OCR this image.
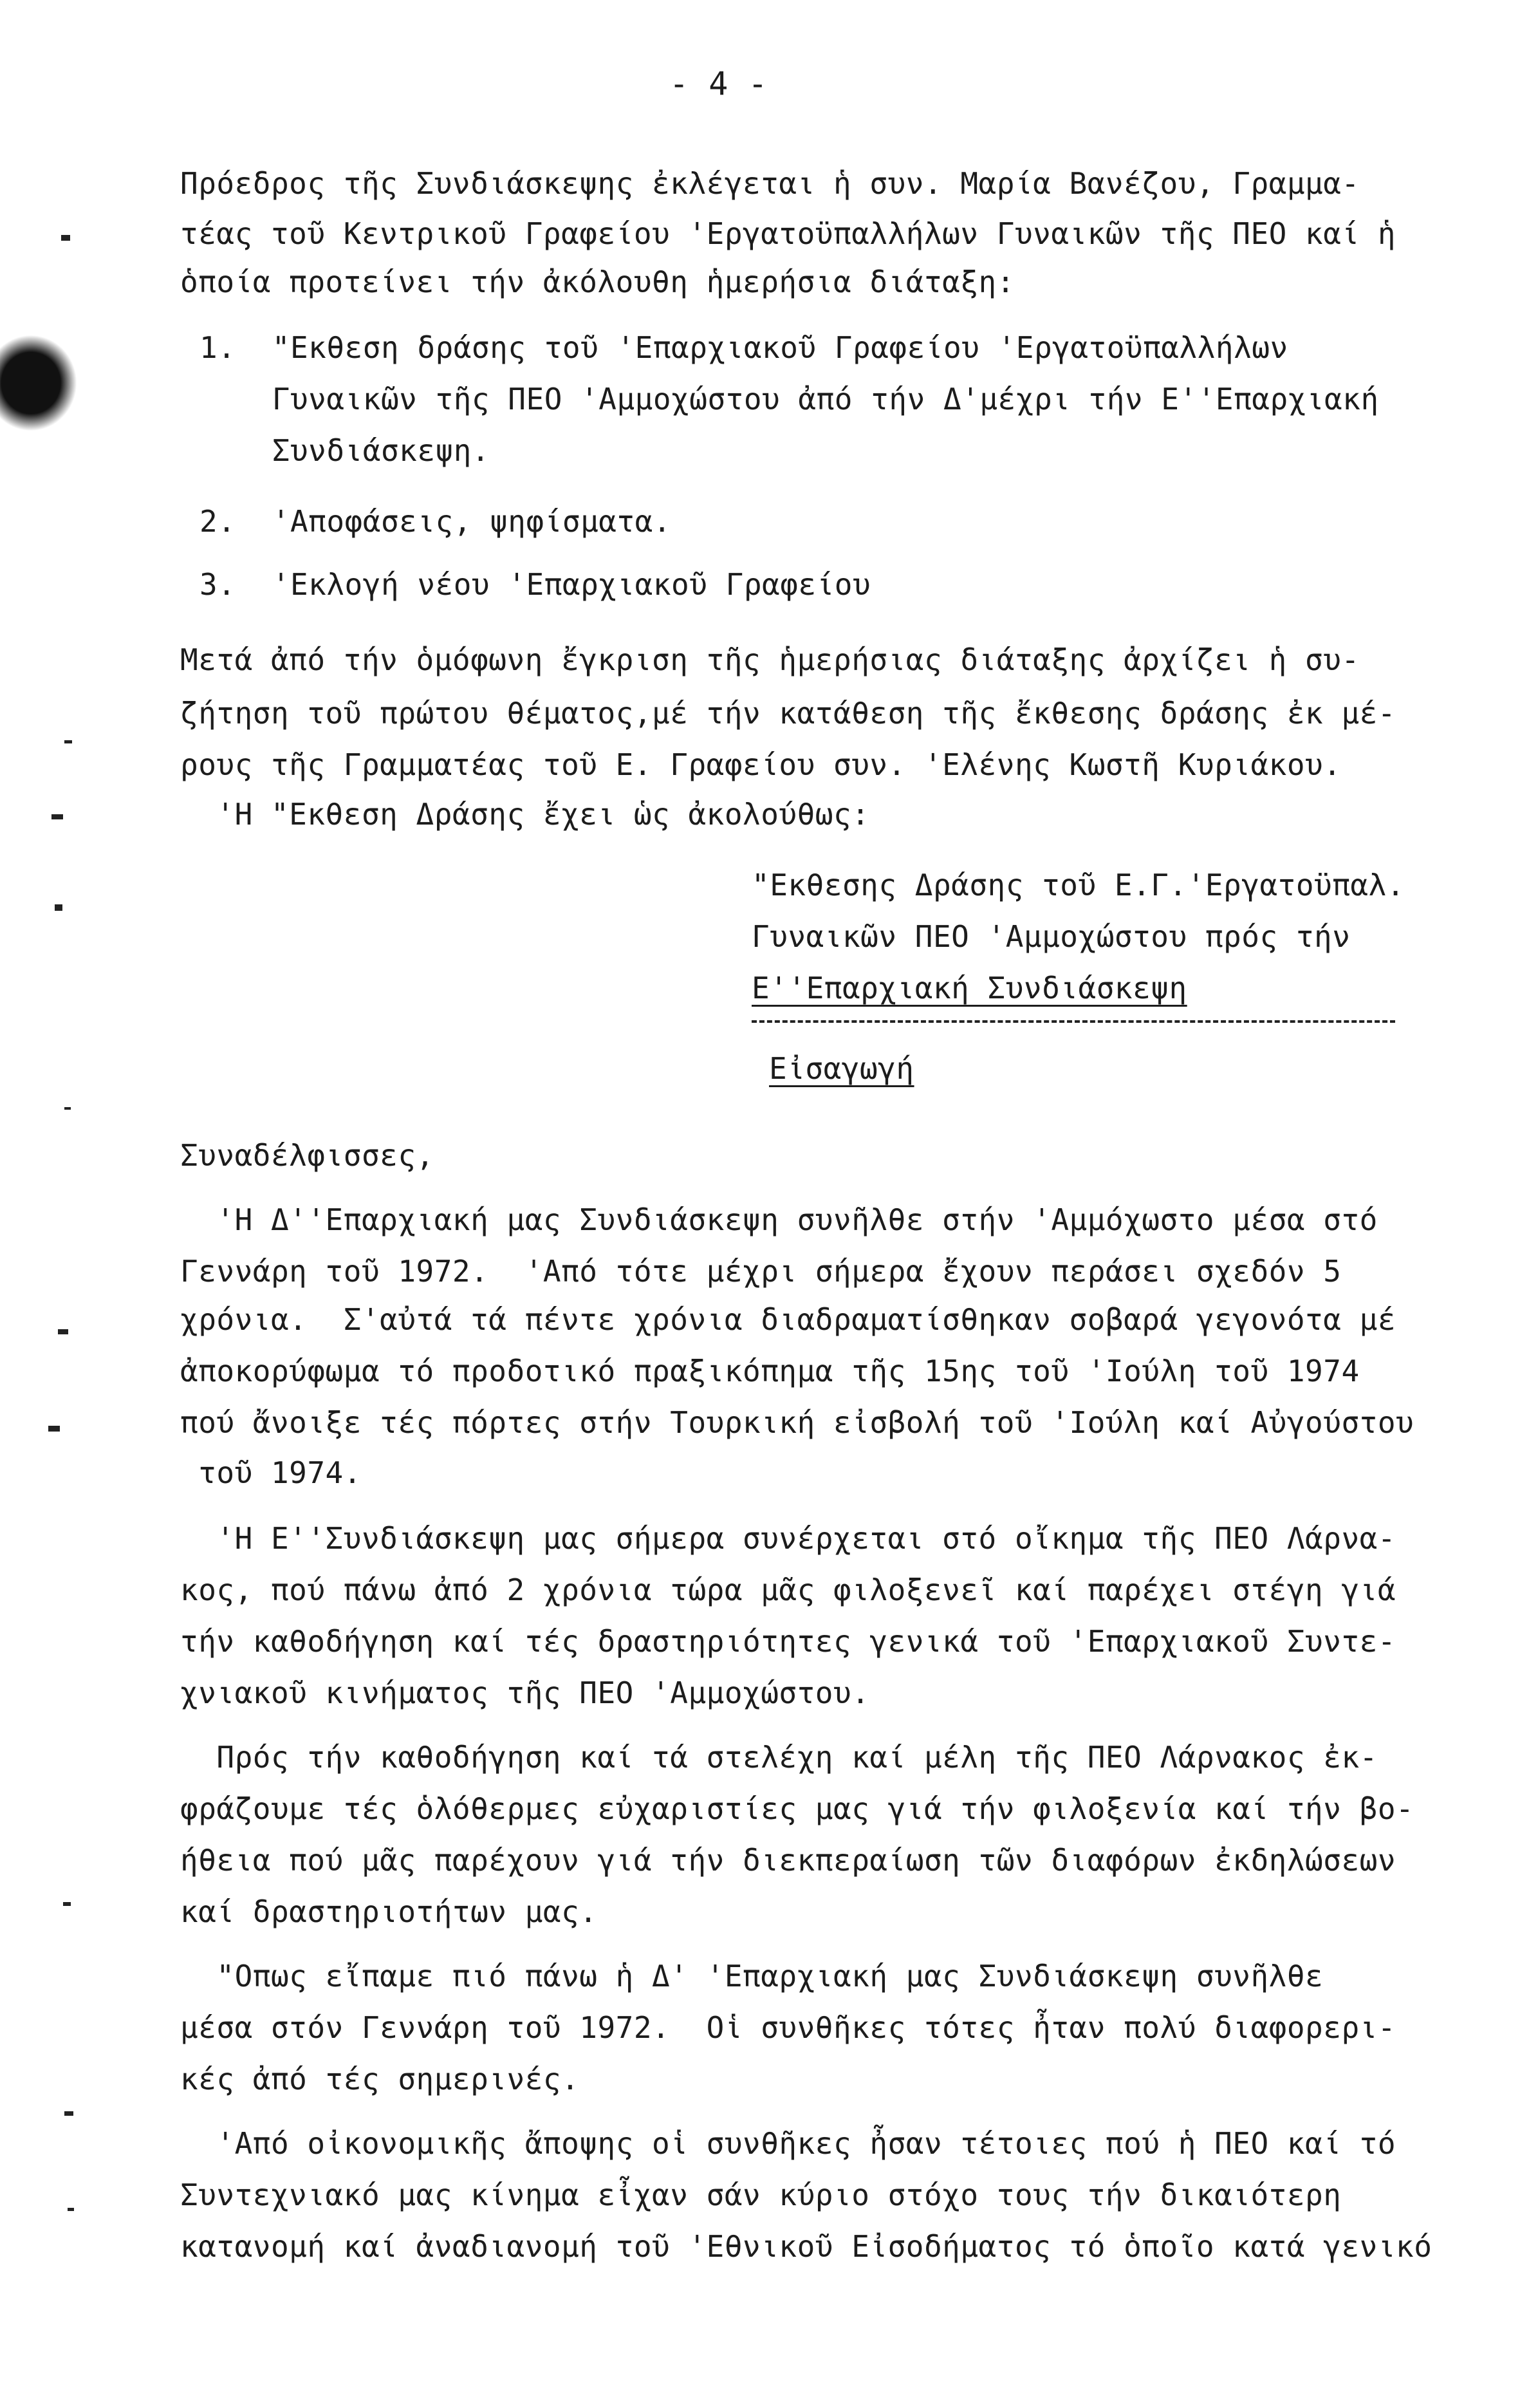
- 4 -
Πρόεδρος τῆς Συνδιάσκεψης ἐκλέγεται ἡ συν. Μαρία Βανέζου, Γραμμα-
τέας τοῦ Κεντρικοῦ Γραφείου 'Εργατοϋπαλλήλων Γυναικῶν τῆς ΠΕΟ καί ἡ
ὁποία προτείνει τήν ἀκόλουθη ἡμερήσια διάταξη:
1.  "Εκθεση δράσης τοῦ 'Επαρχιακοῦ Γραφείου 'Εργατοϋπαλλήλων
Γυναικῶν τῆς ΠΕΟ 'Αμμοχώστου ἀπό τήν Δ'μέχρι τήν Ε''Επαρχιακή
Συνδιάσκεψη.
2.  'Αποφάσεις, ψηφίσματα.
3.  'Εκλογή νέου 'Επαρχιακοῦ Γραφείου
Μετά ἀπό τήν ὁμόφωνη ἔγκριση τῆς ἡμερήσιας διάταξης ἀρχίζει ἡ συ-
ζήτηση τοῦ πρώτου θέματος,μέ τήν κατάθεση τῆς ἔκθεσης δράσης ἐκ μέ-
ρους τῆς Γραμματέας τοῦ Ε. Γραφείου συν. 'Ελένης Κωστῆ Κυριάκου.
'Η "Εκθεση Δράσης ἔχει ὡς ἀκολούθως:
"Εκθεσης Δράσης τοῦ Ε.Γ.'Εργατοϋπαλ.
Γυναικῶν ΠΕΟ 'Αμμοχώστου πρός τήν
Ε''Επαρχιακή Συνδιάσκεψη
Εἰσαγωγή
Συναδέλφισσες,
'Η Δ''Επαρχιακή μας Συνδιάσκεψη συνῆλθε στήν 'Αμμόχωστο μέσα στό
Γεννάρη τοῦ 1972.  'Από τότε μέχρι σήμερα ἔχουν περάσει σχεδόν 5
χρόνια.  Σ'αὐτά τά πέντε χρόνια διαδραματίσθηκαν σοβαρά γεγονότα μέ
ἀποκορύφωμα τό προδοτικό πραξικόπημα τῆς 15ης τοῦ 'Ιούλη τοῦ 1974
πού ἄνοιξε τές πόρτες στήν Τουρκική εἰσβολή τοῦ 'Ιούλη καί Αὐγούστου
τοῦ 1974.
'Η Ε''Συνδιάσκεψη μας σήμερα συνέρχεται στό οἴκημα τῆς ΠΕΟ Λάρνα-
κος, πού πάνω ἀπό 2 χρόνια τώρα μᾶς φιλοξενεῖ καί παρέχει στέγη γιά
τήν καθοδήγηση καί τές δραστηριότητες γενικά τοῦ 'Επαρχιακοῦ Συντε-
χνιακοῦ κινήματος τῆς ΠΕΟ 'Αμμοχώστου.
Πρός τήν καθοδήγηση καί τά στελέχη καί μέλη τῆς ΠΕΟ Λάρνακος ἐκ-
φράζουμε τές ὁλόθερμες εὐχαριστίες μας γιά τήν φιλοξενία καί τήν βο-
ήθεια πού μᾶς παρέχουν γιά τήν διεκπεραίωση τῶν διαφόρων ἐκδηλώσεων
καί δραστηριοτήτων μας.
"Οπως εἴπαμε πιό πάνω ἡ Δ' 'Επαρχιακή μας Συνδιάσκεψη συνῆλθε
μέσα στόν Γεννάρη τοῦ 1972.  Οἱ συνθῆκες τότες ἦταν πολύ διαφορερι-
κές ἀπό τές σημερινές.
'Από οἰκονομικῆς ἄποψης οἱ συνθῆκες ἦσαν τέτοιες πού ἡ ΠΕΟ καί τό
Συντεχνιακό μας κίνημα εἶχαν σάν κύριο στόχο τους τήν δικαιότερη
κατανομή καί ἀναδιανομή τοῦ 'Εθνικοῦ Εἰσοδήματος τό ὁποῖο κατά γενικό
